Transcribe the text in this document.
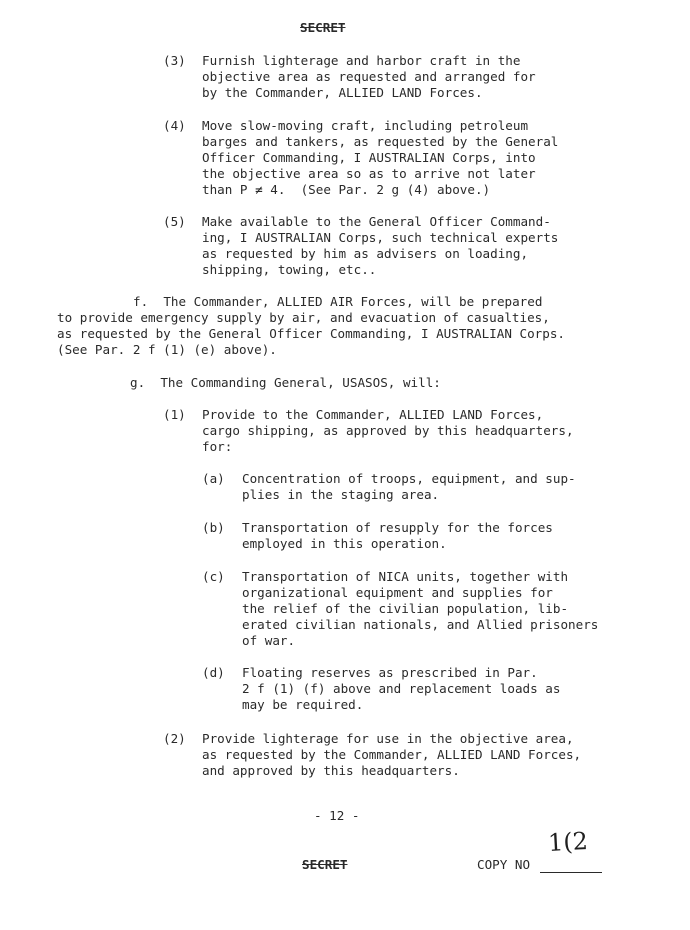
SECRET
(3) Furnish lighterage and harbor craft in the
objective area as requested and arranged for
by the Commander, ALLIED LAND Forces.
(4) Move slow-moving craft, including petroleum
barges and tankers, as requested by the General
Officer Commanding, I AUSTRALIAN Corps, into
the objective area so as to arrive not later
than P ≠ 4.  (See Par. 2 g (4) above.)
(5) Make available to the General Officer Command-
ing, I AUSTRALIAN Corps, such technical experts
as requested by him as advisers on loading,
shipping, towing, etc..
f.  The Commander, ALLIED AIR Forces, will be prepared
to provide emergency supply by air, and evacuation of casualties,
as requested by the General Officer Commanding, I AUSTRALIAN Corps.
(See Par. 2 f (1) (e) above).
g.  The Commanding General, USASOS, will:
(1) Provide to the Commander, ALLIED LAND Forces,
cargo shipping, as approved by this headquarters,
for:
(a) Concentration of troops, equipment, and sup-
plies in the staging area.
(b) Transportation of resupply for the forces
employed in this operation.
(c) Transportation of NICA units, together with
organizational equipment and supplies for
the relief of the civilian population, lib-
erated civilian nationals, and Allied prisoners
of war.
(d) Floating reserves as prescribed in Par.
2 f (1) (f) above and replacement loads as
may be required.
(2) Provide lighterage for use in the objective area,
as requested by the Commander, ALLIED LAND Forces,
and approved by this headquarters.
- 12 -
1(2
SECRET	COPY NO
